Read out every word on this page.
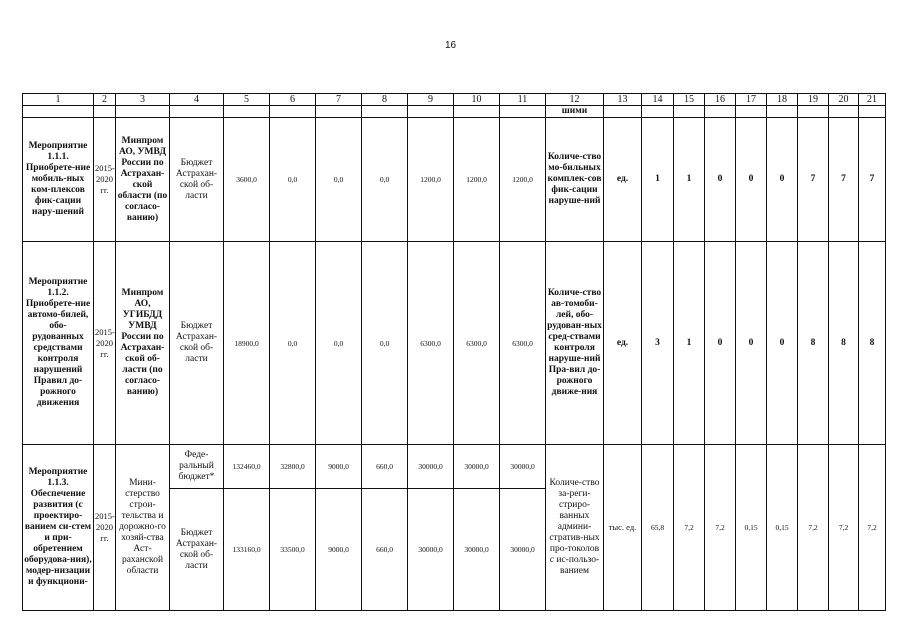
16
1	2	3	4	5	6	7	8	9	10	11	12	13	14	15	16	17	18	19	20	21
											шими									
Мероприятие 1.1.1. Приобрете-ние мобиль-ных ком-плексов фик-сации нару-шений	2015-2020 гг.	Минпром АО, УМВД России по Астрахан-ской области (по согласо-ванию)	Бюджет Астрахан-ской об-ласти	3600,0	0,0	0,0	0,0	1200,0	1200,0	1200,0	Количе-ство мо-бильных комплек-сов фик-сации нарушe-ний	ед.	1	1	0	0	0	7	7	7
Мероприятие 1.1.2. Приобрете-ние автомо-билей, обо-рудованных средствами контроля нарушений Правил до-рожного движения	2015-2020 гг.	Минпром АО, УГИБДД УМВД России по Астрахан-ской об-ласти (по согласо-ванию)	Бюджет Астрахан-ской об-ласти	18900,0	0,0	0,0	0,0	6300,0	6300,0	6300,0	Количе-ство ав-томоби-лей, обо-рудован-ных сред-ствами контроля наруше-ний Пра-вил до-рожного движе-ния	ед.	3	1	0	0	0	8	8	8
Мероприятие 1.1.3. Обеспечение развития (с проектиро-ванием си-стем и при-обретением оборудова-ния), модер-низации и функциони-	2015-2020 гг.	Мини-стерство строи-тельства и дорожно-го хозяй-ства Аст-раханской области	Феде-ральный бюджет*	132460,0	32800,0	9000,0	660,0	30000,0	30000,0	30000,0	Количе-ство за-реги-стриро-ванных админи-стратив-ных про-токолов с ис-пользо-ванием	тыс. ед.	65,8	7,2	7,2	0,15	0,15	7,2	7,2	7,2
			Бюджет Астрахан-ской об-ласти	133160,0	33500,0	9000,0	660,0	30000,0	30000,0	30000,0										
